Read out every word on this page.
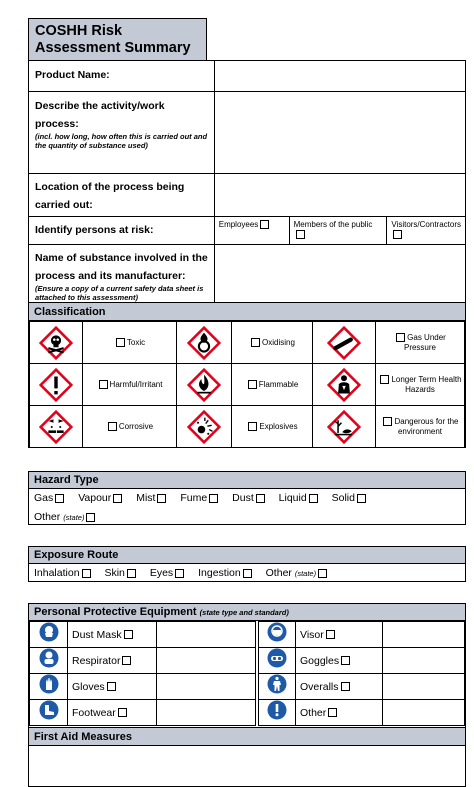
COSHH Risk Assessment Summary
Product Name:			
Describe the activity/work process:
(incl. how long, how often this is carried out and the quantity of substance used)			

Location of the process being carried out:			
Identify persons at risk:	Employees	Members of the public	Visitors/Contractors
Name of substance involved in the process and its manufacturer:
(Ensure a copy of a current safety data sheet is attached to this assessment)			

Classification
	Toxic		Oxidising		Gas Under Pressure

	Harmful/Irritant		Flammable		Longer Term Health Hazards

	Corrosive		Explosives		Dangerous for the environment
Hazard Type
Gas Vapour Mist Fume Dust Liquid Solid
Other (state)
Exposure Route
Inhalation Skin Eyes Ingestion Other (state)
Personal Protective Equipment (state type and standard)
	Dust Mask				Visor	
	Respirator				Goggles	
	Gloves				Overalls	
	Footwear				Other	
First Aid Measures
